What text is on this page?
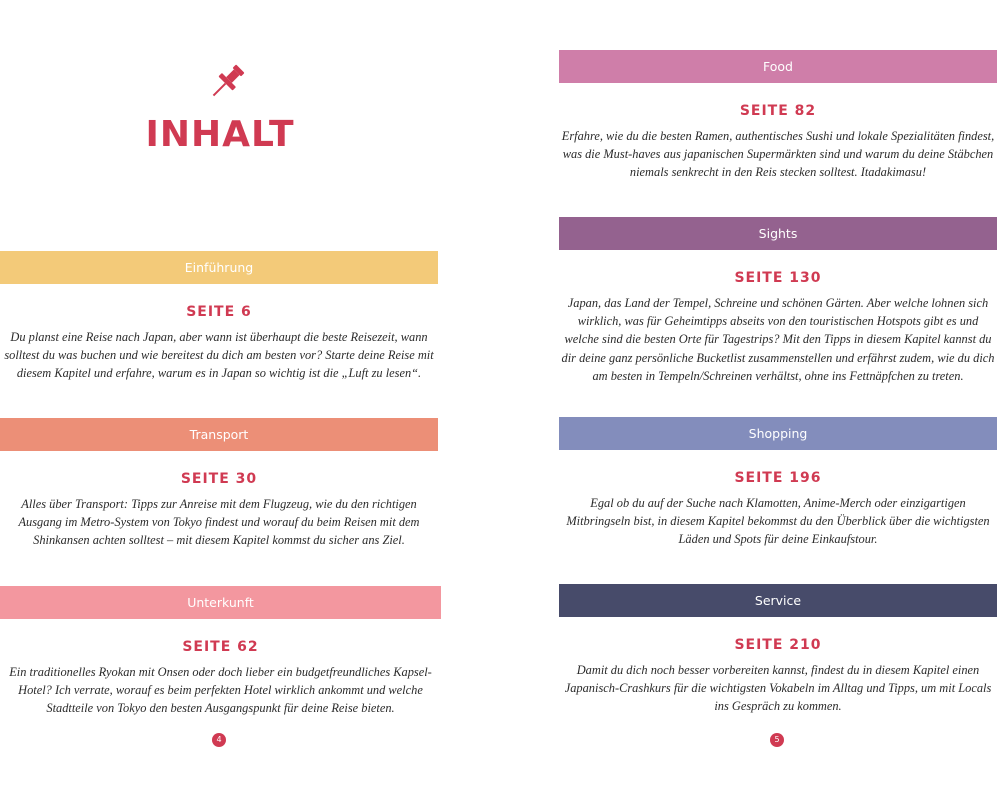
INHALT
Einführung
SEITE 6
Du planst eine Reise nach Japan, aber wann ist überhaupt die beste Reisezeit, wann solltest du was buchen und wie bereitest du dich am besten vor? Starte deine Reise mit diesem Kapitel und erfahre, warum es in Japan so wichtig ist die „Luft zu lesen“.
Transport
SEITE 30
Alles über Transport: Tipps zur Anreise mit dem Flugzeug, wie du den richtigen Ausgang im Metro-System von Tokyo findest und worauf du beim Reisen mit dem Shinkansen achten solltest – mit diesem Kapitel kommst du sicher ans Ziel.
Unterkunft
SEITE 62
Ein traditionelles Ryokan mit Onsen oder doch lieber ein budgetfreundliches Kapsel-Hotel? Ich verrate, worauf es beim perfekten Hotel wirklich ankommt und welche Stadtteile von Tokyo den besten Ausgangspunkt für deine Reise bieten.
4
Food
SEITE 82
Erfahre, wie du die besten Ramen, authentisches Sushi und lokale Spezialitäten findest, was die Must-haves aus japanischen Supermärkten sind und warum du deine Stäbchen niemals senkrecht in den Reis stecken solltest. Itadakimasu!
Sights
SEITE 130
Japan, das Land der Tempel, Schreine und schönen Gärten. Aber welche lohnen sich wirklich, was für Geheimtipps abseits von den touristischen Hotspots gibt es und welche sind die besten Orte für Tagestrips? Mit den Tipps in diesem Kapitel kannst du dir deine ganz persönliche Bucketlist zusammenstellen und erfährst zudem, wie du dich am besten in Tempeln/Schreinen verhältst, ohne ins Fettnäpfchen zu treten.
Shopping
SEITE 196
Egal ob du auf der Suche nach Klamotten, Anime-Merch oder einzigartigen Mitbringseln bist, in diesem Kapitel bekommst du den Überblick über die wichtigsten Läden und Spots für deine Einkaufstour.
Service
SEITE 210
Damit du dich noch besser vorbereiten kannst, findest du in diesem Kapitel einen Japanisch-Crashkurs für die wichtigsten Vokabeln im Alltag und Tipps, um mit Locals ins Gespräch zu kommen.
5
